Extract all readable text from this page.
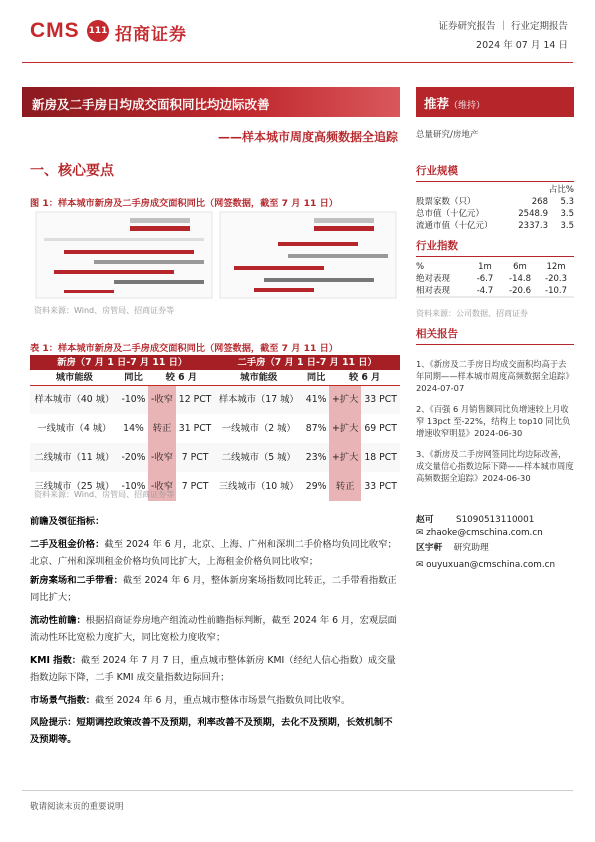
CMS 111 招商证券	证券研究报告 ｜ 行业定期报告
2024 年 07 月 14 日
新房及二手房日均成交面积同比均边际改善
——样本城市周度高频数据全追踪
一、核心要点
图 1：样本城市新房及二手房成交面积同比（网签数据，截至 7 月 11 日）
资料来源：Wind、房管局、招商证券等
表 1：样本城市新房及二手房成交面积同比（网签数据，截至 7 月 11 日）
新房（7 月 1 日-7 月 11 日）				二手房（7 月 1 日-7 月 11 日）			
城市能级	同比	较 6 月		城市能级	同比	较 6 月	
样本城市（40 城）	-10%	-收窄	12 PCT	样本城市（17 城）	41%	+扩大	33 PCT
一线城市（4 城）	14%	转正	31 PCT	一线城市（2 城）	87%	+扩大	69 PCT
二线城市（11 城）	-20%	-收窄	7 PCT	二线城市（5 城）	23%	+扩大	18 PCT
三线城市（25 城）	-10%	-收窄	7 PCT	三线城市（10 城）	29%	转正	33 PCT
资料来源：Wind、房管局、招商证券等
前瞻及領征指标：
二手及租金价格：截至 2024 年 6 月，北京、上海、广州和深圳二手价格均负同比收窄；北京、广州和深圳租金价格均负同比扩大，上海租金价格负同比收窄；
新房案场和二手带看：截至 2024 年 6 月，整体新房案场指数同比转正，二手带看指数正同比扩大；
流动性前瞻：根据招商证券房地产组流动性前瞻指标判断，截至 2024 年 6 月，宏观层面流动性环比宽松力度扩大，同比宽松力度收窄；
KMI 指数：截至 2024 年 7 月 7 日，重点城市整体新房 KMI（经纪人信心指数）成交量指数边际下降，二手 KMI 成交量指数边际回升；
市场景气指数：截至 2024 年 6 月，重点城市整体市场景气指数负同比收窄。
风险提示：短期调控政策改善不及预期，利率改善不及预期，去化不及预期，长效机制不及预期等。
推荐（维持）
总量研究/房地产
行业规模
占比%
股票家数（只）	268	5.3
总市值（十亿元）	2548.9	3.5
流通市值（十亿元）	2337.3	3.5
行业指数
%	1m	6m	12m
绝对表现	-6.7	-14.8	-20.3
相对表现	-4.7	-20.6	-10.7
资料来源：公司数据、招商证券
相关报告
1、《新房及二手房日均成交面积均高于去年同期——样本城市周度高频数据全追踪》2024-07-07
2、《百强 6 月销售额同比负增速较上月收窄 13pct 至-22%，结构上 top10 同比负增速收窄明显》2024-06-30
3、《新房及二手房网签同比均边际改善，成交量信心指数边际下降——样本城市周度高频数据全追踪》2024-06-30
赵可	S1090513110001
✉ zhaoke@cmschina.com.cn
区宇軒 研究助理
✉ ouyuxuan@cmschina.com.cn
敬请阅读末页的重要说明
